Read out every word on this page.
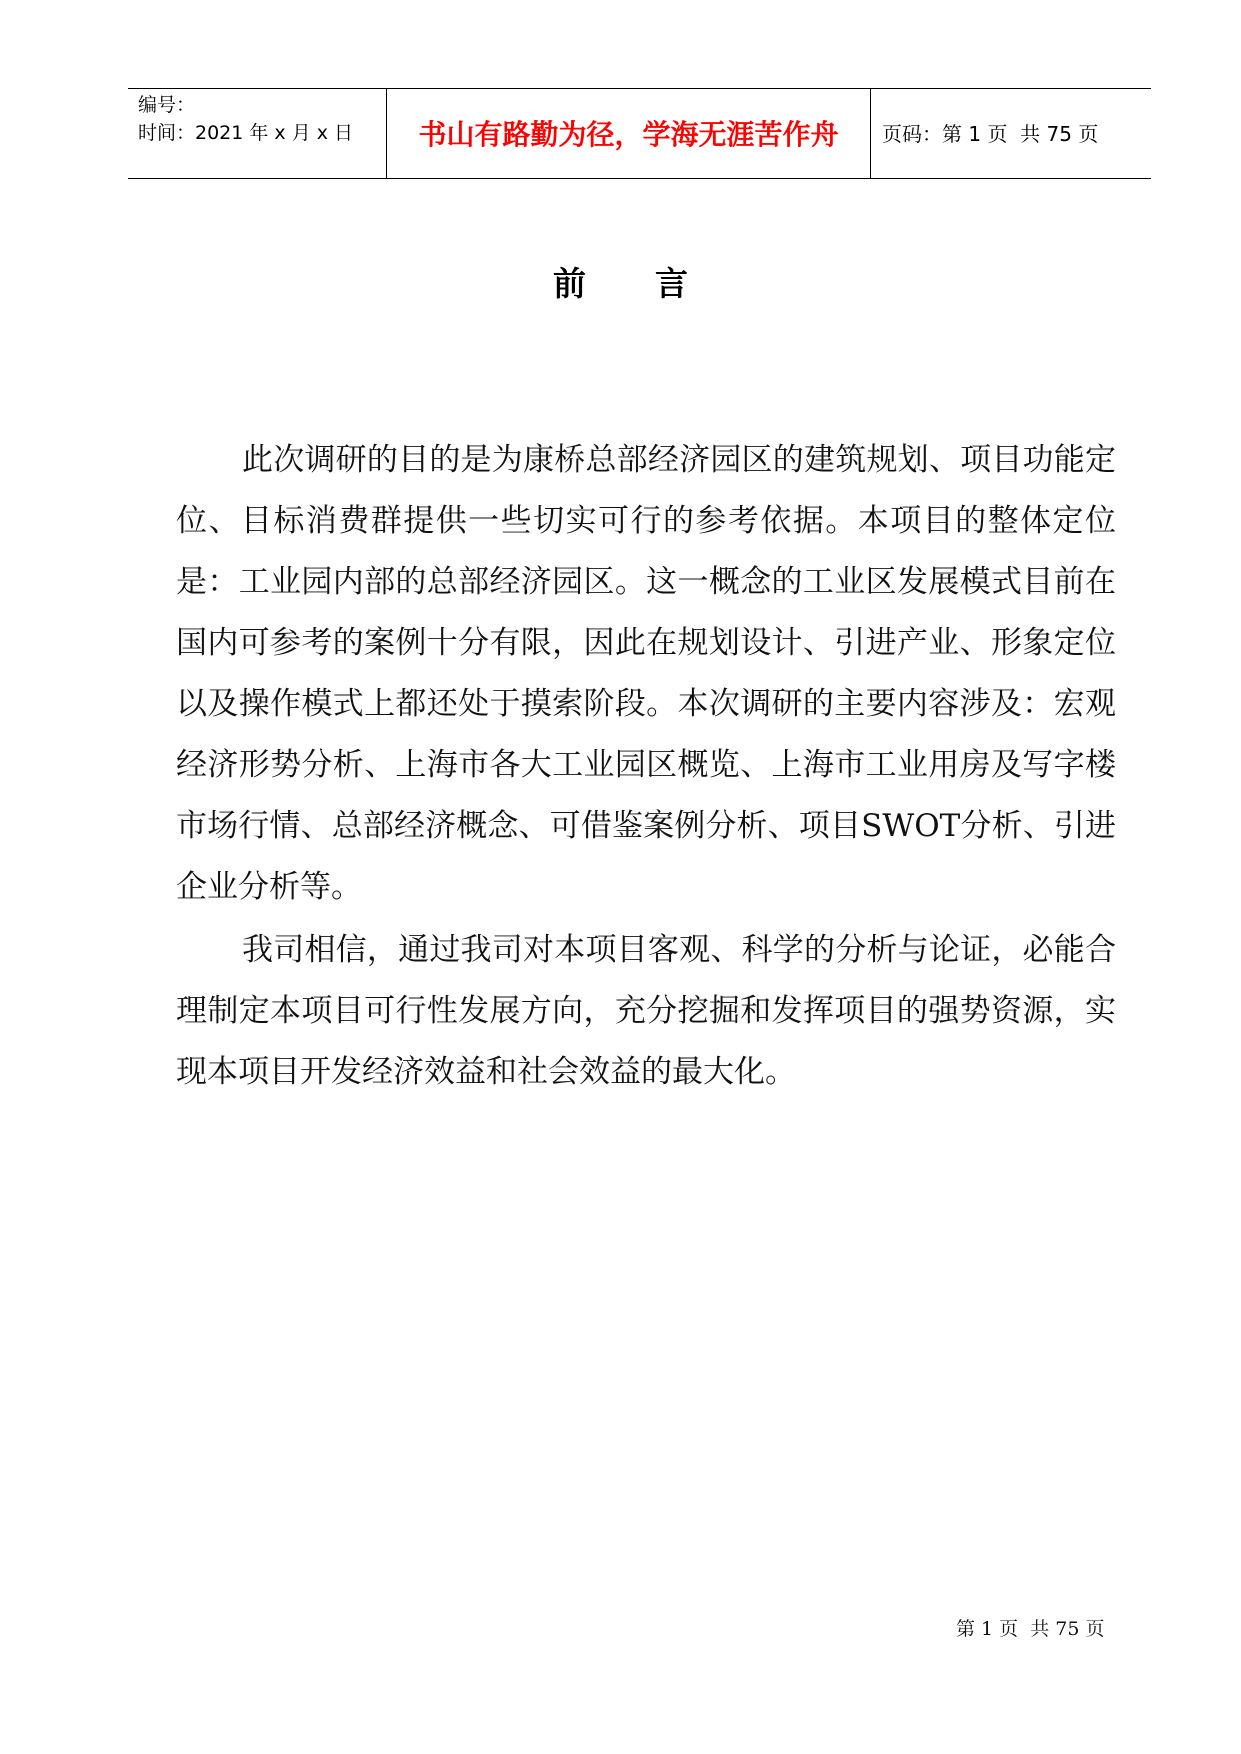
编号：
时间：2021 年 x 月 x 日	书山有路勤为径，学海无涯苦作舟 页码：第 1 页  共 75 页
前      言

此次调研的目的是为康桥总部经济园区的建筑规划、项目功能定位、目标消费群提供一些切实可行的参考依据。本项目的整体定位是：工业园内部的总部经济园区。这一概念的工业区发展模式目前在国内可参考的案例十分有限，因此在规划设计、引进产业、形象定位以及操作模式上都还处于摸索阶段。本次调研的主要内容涉及：宏观经济形势分析、上海市各大工业园区概览、上海市工业用房及写字楼市场行情、总部经济概念、可借鉴案例分析、项目SWOT分析、引进企业分析等。

我司相信，通过我司对本项目客观、科学的分析与论证，必能合理制定本项目可行性发展方向，充分挖掘和发挥项目的强势资源，实现本项目开发经济效益和社会效益的最大化。

第 1 页  共 75 页
